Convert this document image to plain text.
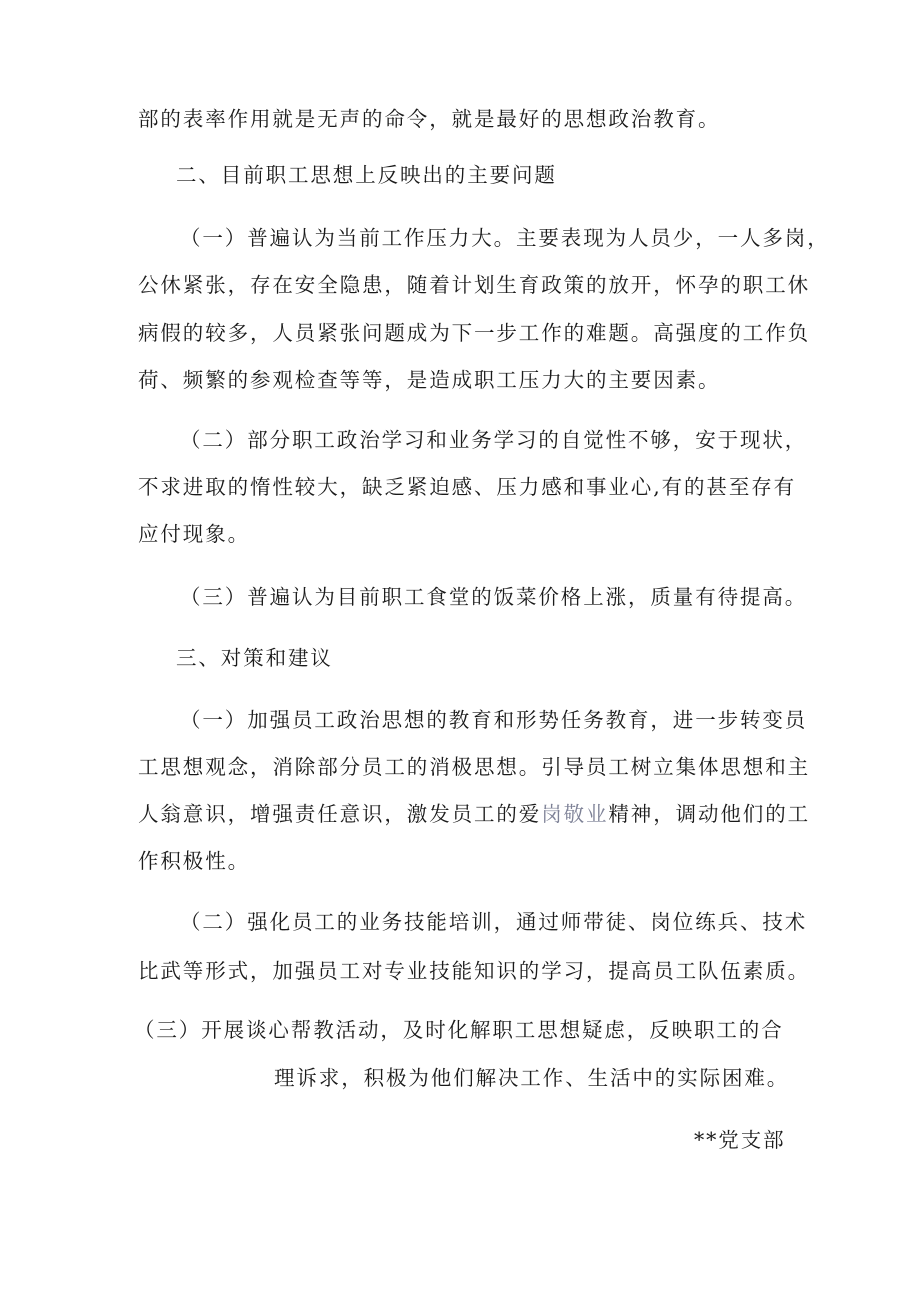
部的表率作用就是无声的命令，就是最好的思想政治教育。
二、目前职工思想上反映出的主要问题
（一）普遍认为当前工作压力大。主要表现为人员少，一人多岗，
公休紧张，存在安全隐患，随着计划生育政策的放开，怀孕的职工休
病假的较多，人员紧张问题成为下一步工作的难题。高强度的工作负
荷、频繁的参观检查等等，是造成职工压力大的主要因素。
（二）部分职工政治学习和业务学习的自觉性不够，安于现状，
不求进取的惰性较大，缺乏紧迫感、压力感和事业心,有的甚至存有
应付现象。
（三）普遍认为目前职工食堂的饭菜价格上涨，质量有待提高。
三、对策和建议
（一）加强员工政治思想的教育和形势任务教育，进一步转变员
工思想观念，消除部分员工的消极思想。引导员工树立集体思想和主
人翁意识，增强责任意识，激发员工的爱岗敬业精神，调动他们的工
作积极性。
（二）强化员工的业务技能培训，通过师带徒、岗位练兵、技术
比武等形式，加强员工对专业技能知识的学习，提高员工队伍素质。
（三）开展谈心帮教活动，及时化解职工思想疑虑，反映职工的合
理诉求，积极为他们解决工作、生活中的实际困难。
**党支部
